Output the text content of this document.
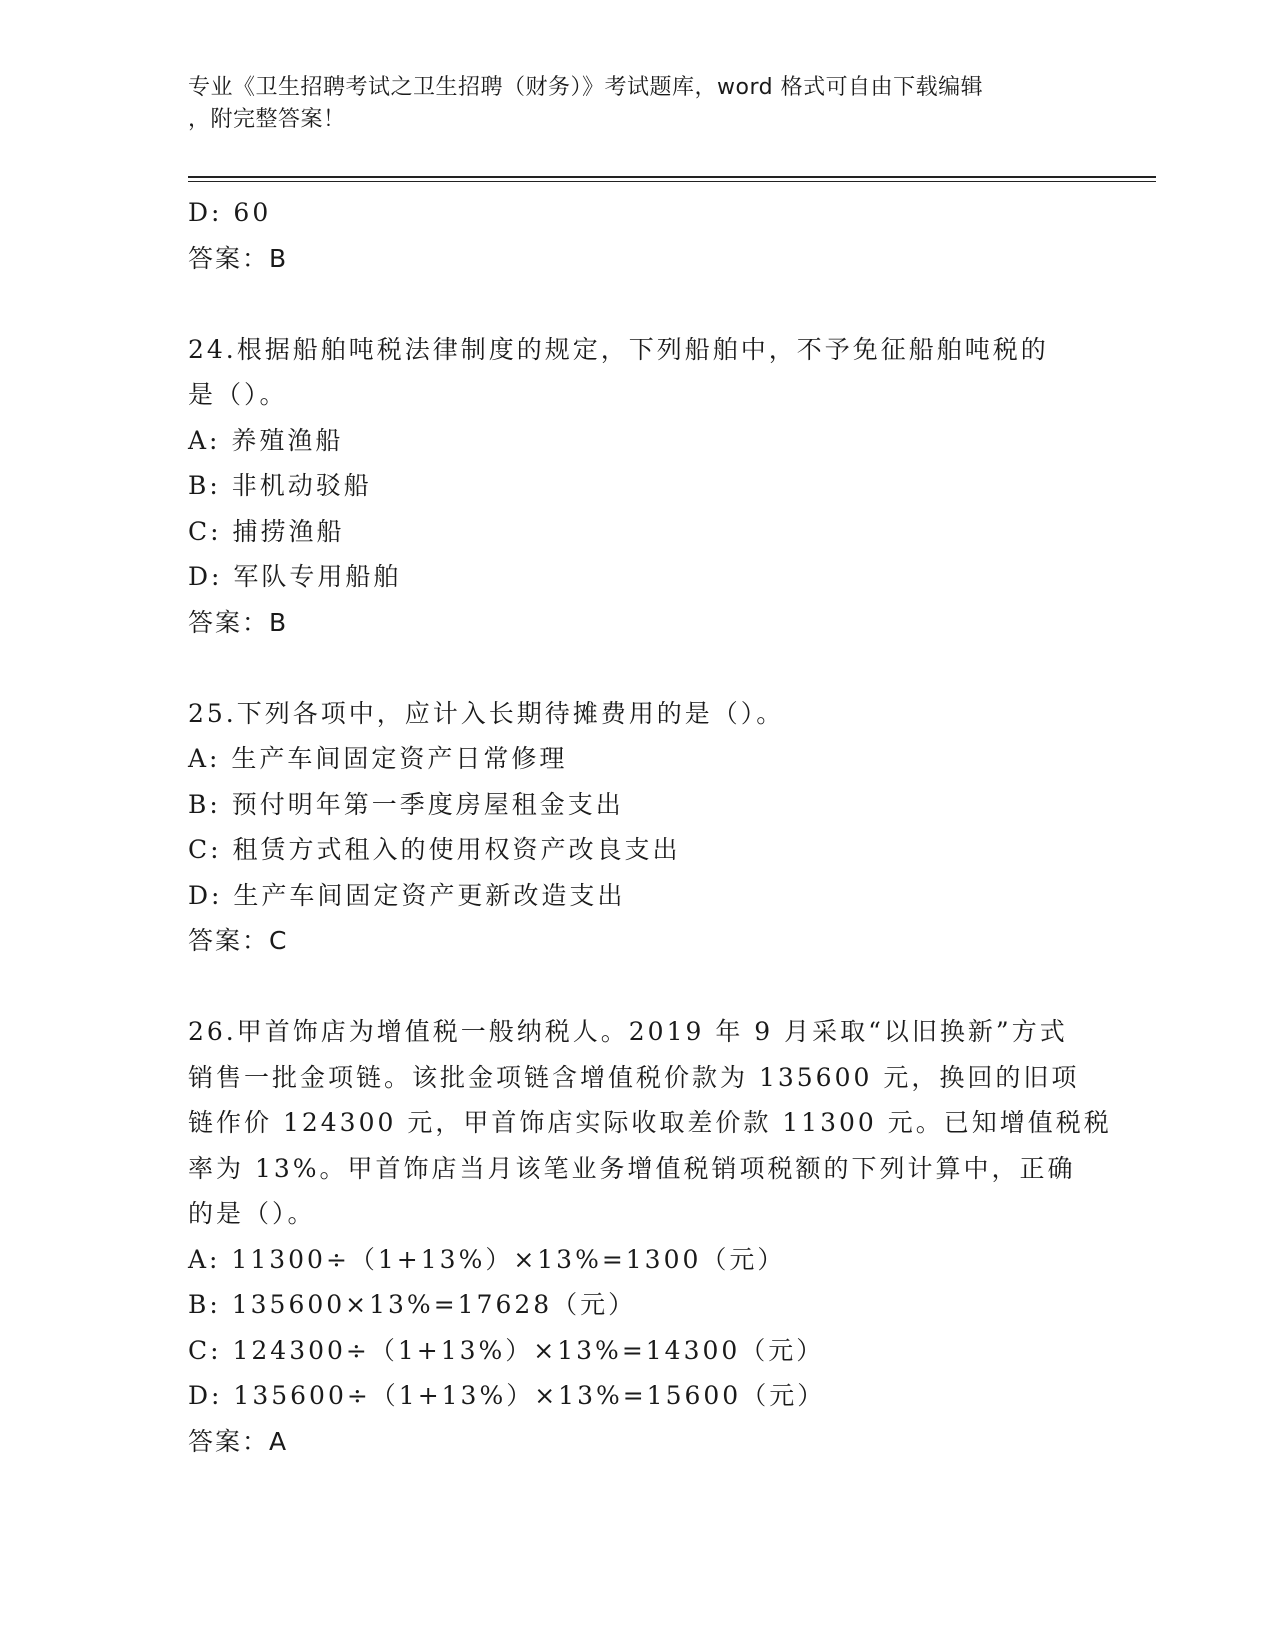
专业《卫生招聘考试之卫生招聘（财务）》考试题库，word 格式可自由下载编辑
，附完整答案！
D: 60
答案：B
24.根据船舶吨税法律制度的规定，下列船舶中，不予免征船舶吨税的
是（）。
A: 养殖渔船
B: 非机动驳船
C: 捕捞渔船
D: 军队专用船舶
答案：B
25.下列各项中，应计入长期待摊费用的是（）。
A: 生产车间固定资产日常修理
B: 预付明年第一季度房屋租金支出
C: 租赁方式租入的使用权资产改良支出
D: 生产车间固定资产更新改造支出
答案：C
26.甲首饰店为增值税一般纳税人。2019 年 9 月采取“以旧换新”方式
销售一批金项链。该批金项链含增值税价款为 135600 元，换回的旧项
链作价 124300 元，甲首饰店实际收取差价款 11300 元。已知增值税税
率为 13%。甲首饰店当月该笔业务增值税销项税额的下列计算中，正确
的是（）。
A: 11300÷（1+13%）×13%=1300（元）
B: 135600×13%=17628（元）
C: 124300÷（1+13%）×13%=14300（元）
D: 135600÷（1+13%）×13%=15600（元）
答案：A
